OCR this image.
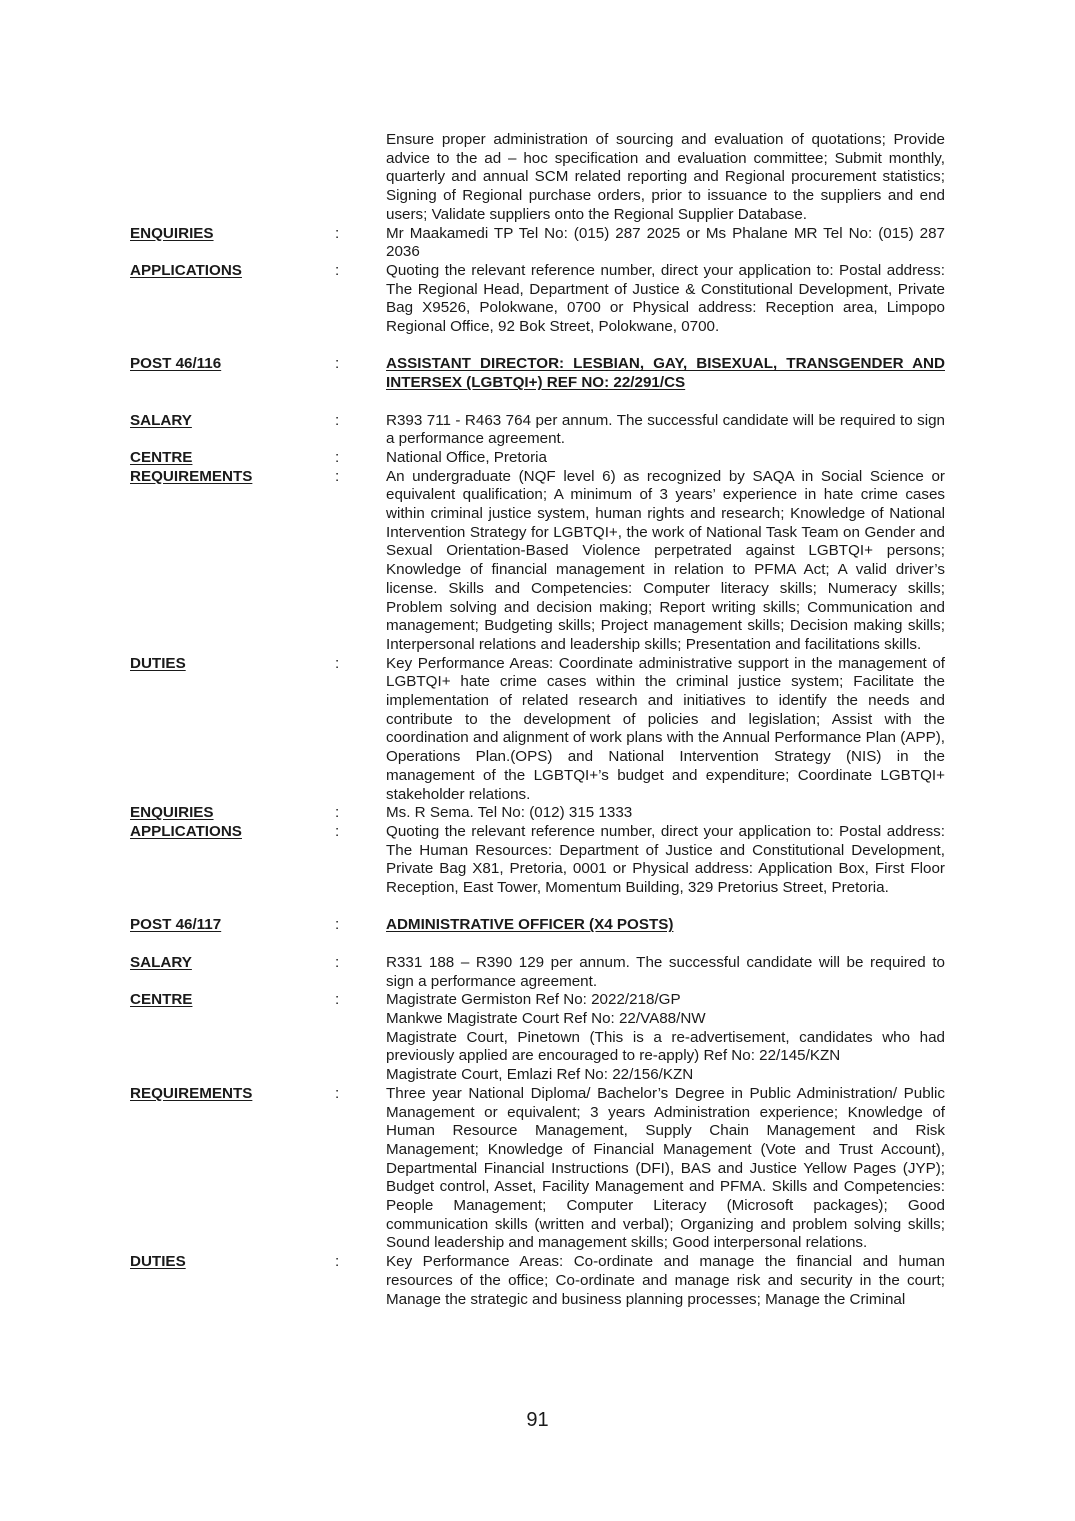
Ensure proper administration of sourcing and evaluation of quotations; Provide advice to the ad – hoc specification and evaluation committee; Submit monthly, quarterly and annual SCM related reporting and Regional procurement statistics; Signing of Regional purchase orders, prior to issuance to the suppliers and end users; Validate suppliers onto the Regional Supplier Database.
ENQUIRIES	:	Mr Maakamedi TP Tel No: (015) 287 2025 or Ms Phalane MR Tel No: (015) 287 2036
APPLICATIONS	:	Quoting the relevant reference number, direct your application to: Postal address: The Regional Head, Department of Justice & Constitutional Development, Private Bag X9526, Polokwane, 0700 or Physical address: Reception area, Limpopo Regional Office, 92 Bok Street, Polokwane, 0700.
POST 46/116	:	ASSISTANT DIRECTOR: LESBIAN, GAY, BISEXUAL, TRANSGENDER AND INTERSEX (LGBTQI+) REF NO: 22/291/CS
SALARY	:	R393 711 - R463 764 per annum. The successful candidate will be required to sign a performance agreement.
CENTRE	:	National Office, Pretoria
REQUIREMENTS	:	An undergraduate (NQF level 6) as recognized by SAQA in Social Science or equivalent qualification; A minimum of 3 years’ experience in hate crime cases within criminal justice system, human rights and research; Knowledge of National Intervention Strategy for LGBTQI+, the work of National Task Team on Gender and Sexual Orientation-Based Violence perpetrated against LGBTQI+ persons; Knowledge of financial management in relation to PFMA Act; A valid driver’s license. Skills and Competencies: Computer literacy skills; Numeracy skills; Problem solving and decision making; Report writing skills; Communication and management; Budgeting skills; Project management skills; Decision making skills; Interpersonal relations and leadership skills; Presentation and facilitations skills.
DUTIES	:	Key Performance Areas: Coordinate administrative support in the management of LGBTQI+ hate crime cases within the criminal justice system; Facilitate the implementation of related research and initiatives to identify the needs and contribute to the development of policies and legislation; Assist with the coordination and alignment of work plans with the Annual Performance Plan (APP), Operations Plan.(OPS) and National Intervention Strategy (NIS) in the management of the LGBTQI+’s budget and expenditure; Coordinate LGBTQI+ stakeholder relations.
ENQUIRIES	:	Ms. R Sema. Tel No: (012) 315 1333
APPLICATIONS	:	Quoting the relevant reference number, direct your application to: Postal address: The Human Resources: Department of Justice and Constitutional Development, Private Bag X81, Pretoria, 0001 or Physical address: Application Box, First Floor Reception, East Tower, Momentum Building, 329 Pretorius Street, Pretoria.
POST 46/117	:	ADMINISTRATIVE OFFICER (X4 POSTS)
SALARY	:	R331 188 – R390 129 per annum. The successful candidate will be required to sign a performance agreement.
CENTRE	:	Magistrate Germiston Ref No: 2022/218/GP
Mankwe Magistrate Court Ref No: 22/VA88/NW
Magistrate Court, Pinetown (This is a re-advertisement, candidates who had previously applied are encouraged to re-apply) Ref No: 22/145/KZN
Magistrate Court, Emlazi Ref No: 22/156/KZN
REQUIREMENTS	:	Three year National Diploma/ Bachelor’s Degree in Public Administration/ Public Management or equivalent; 3 years Administration experience; Knowledge of Human Resource Management, Supply Chain Management and Risk Management; Knowledge of Financial Management (Vote and Trust Account), Departmental Financial Instructions (DFI), BAS and Justice Yellow Pages (JYP); Budget control, Asset, Facility Management and PFMA. Skills and Competencies: People Management; Computer Literacy (Microsoft packages); Good communication skills (written and verbal); Organizing and problem solving skills; Sound leadership and management skills; Good interpersonal relations.
DUTIES	:	Key Performance Areas: Co-ordinate and manage the financial and human resources of the office; Co-ordinate and manage risk and security in the court; Manage the strategic and business planning processes; Manage the Criminal
91
